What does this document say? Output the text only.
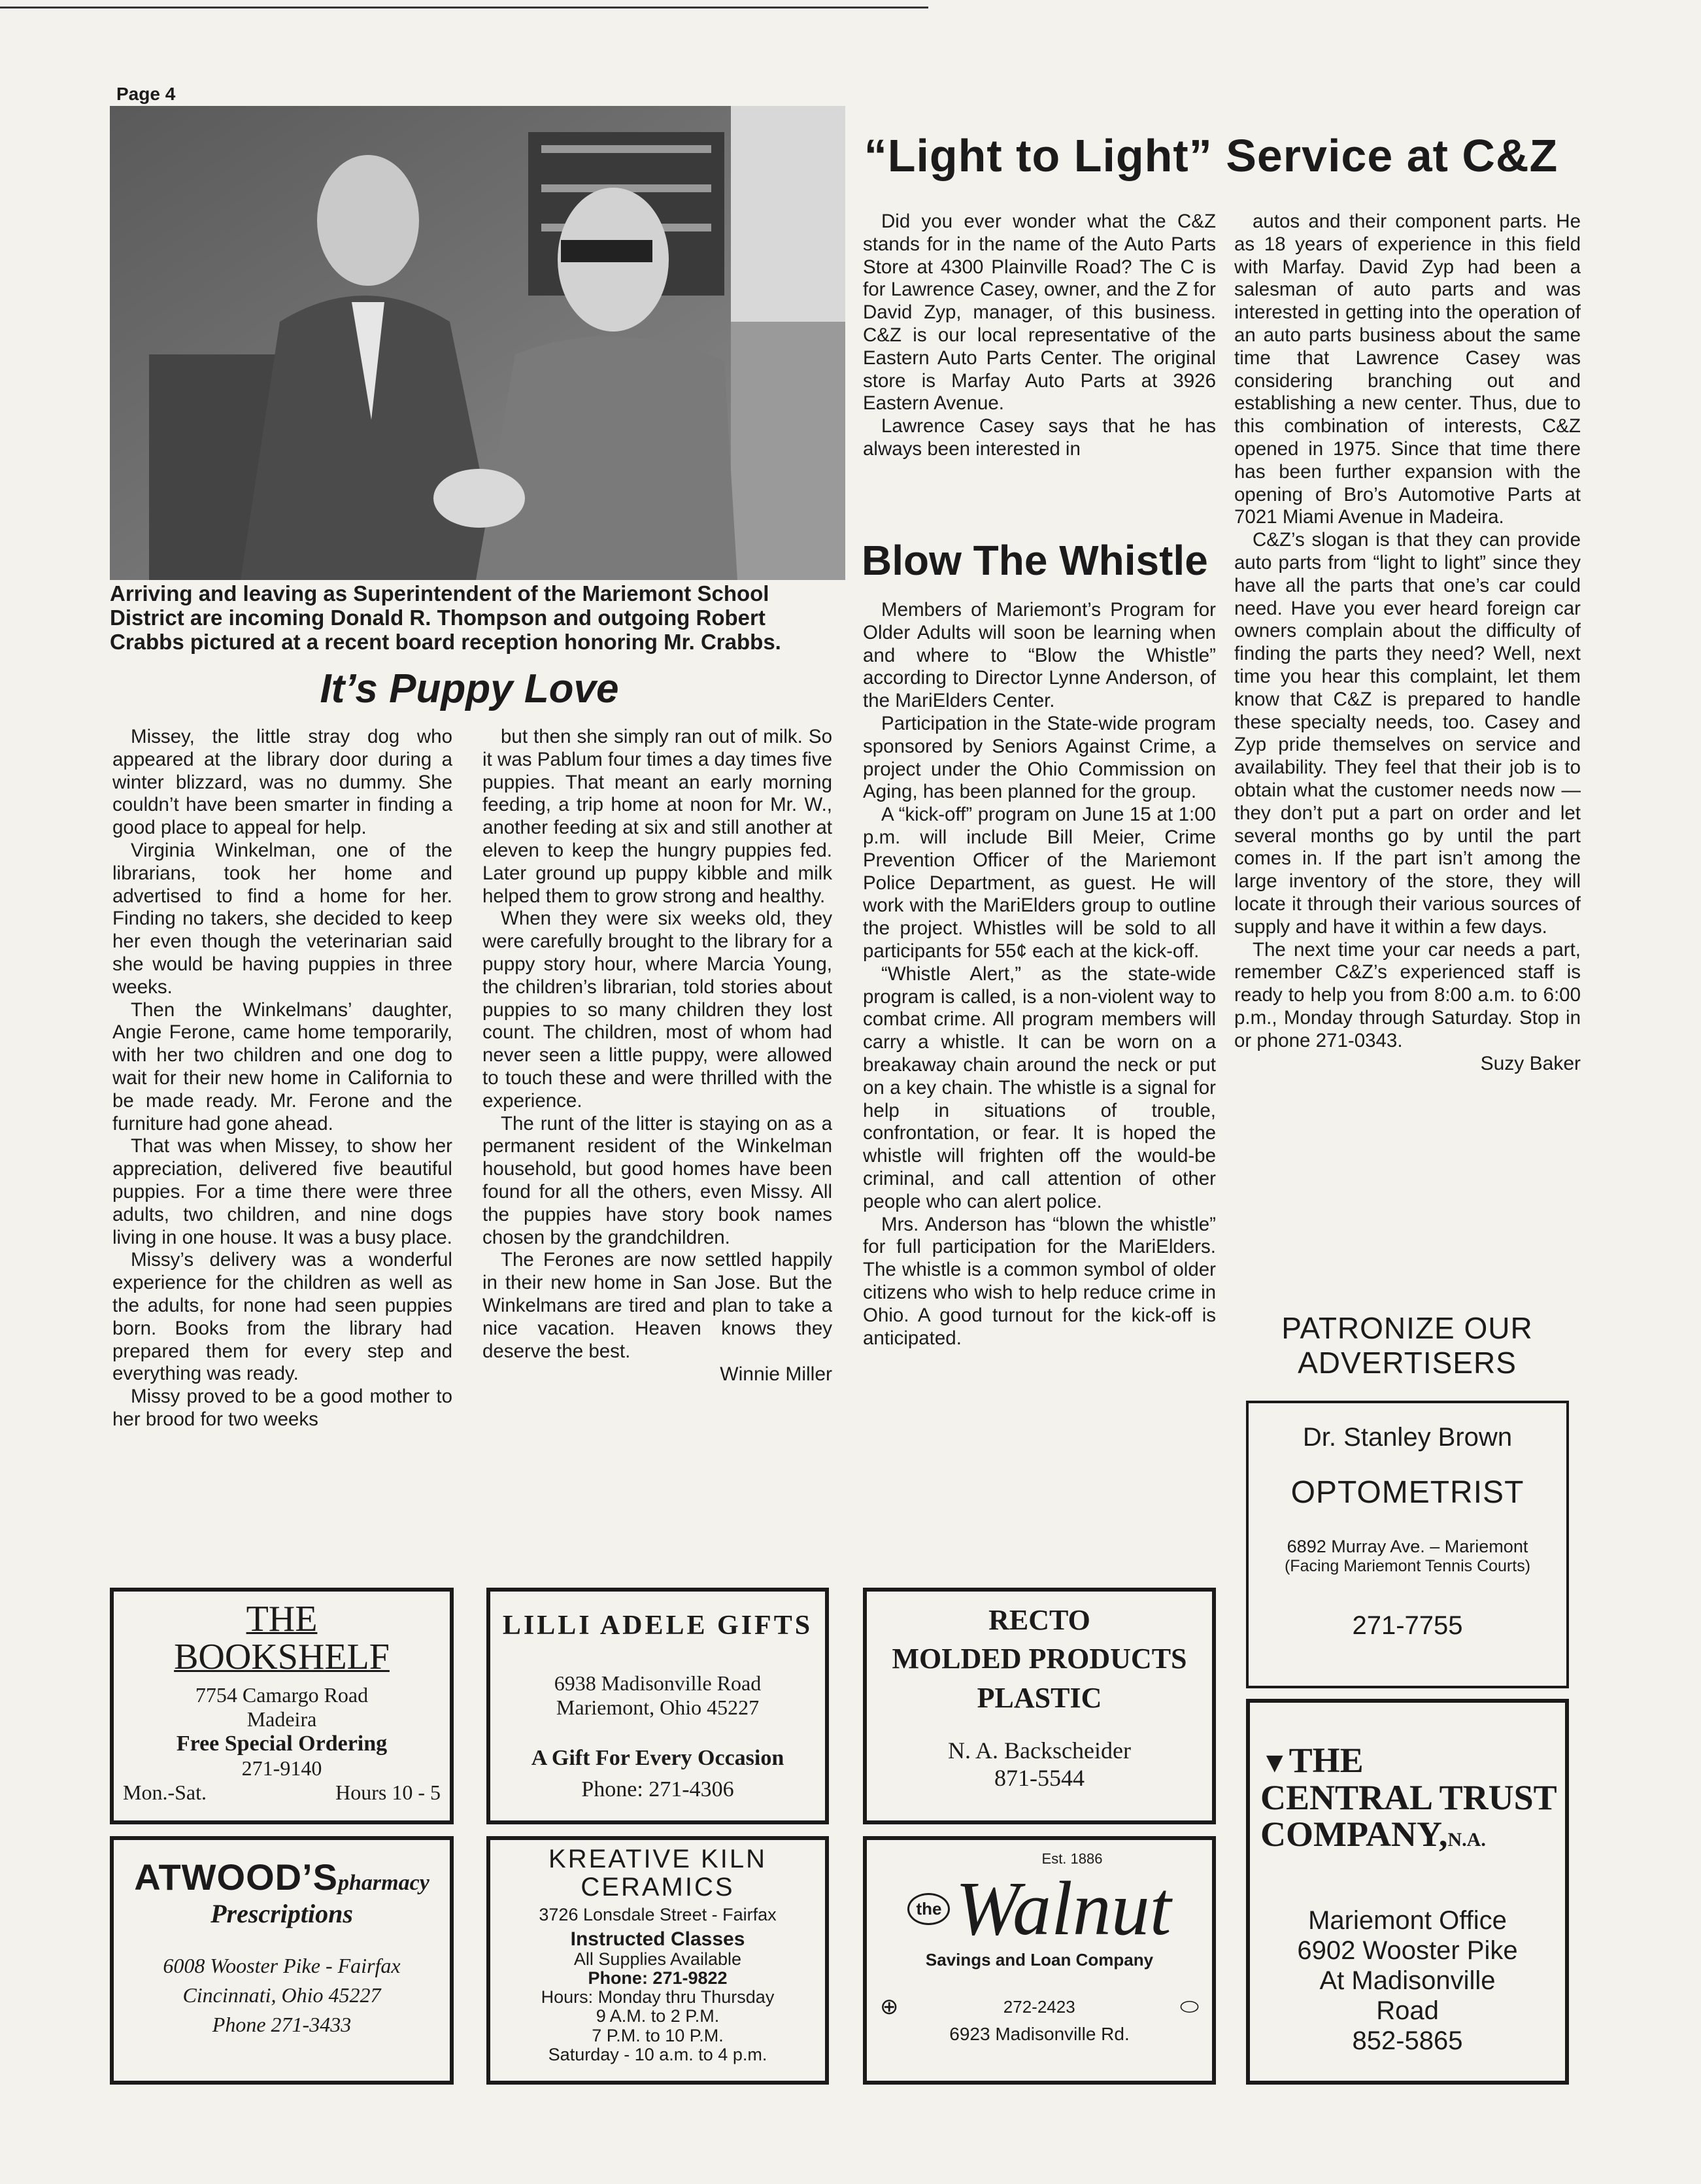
Page 4
Arriving and leaving as Superintendent of the Mariemont School District are incoming Donald R. Thompson and outgoing Robert Crabbs pictured at a recent board reception honoring Mr. Crabbs.
It’s Puppy Love

Missey, the little stray dog who appeared at the library door during a winter blizzard, was no dummy. She couldn’t have been smarter in finding a good place to appeal for help.

Virginia Winkelman, one of the librarians, took her home and advertised to find a home for her. Finding no takers, she decided to keep her even though the veterinarian said she would be having puppies in three weeks.

Then the Winkelmans’ daughter, Angie Ferone, came home temporarily, with her two children and one dog to wait for their new home in California to be made ready. Mr. Ferone and the furniture had gone ahead.

That was when Missey, to show her appreciation, delivered five beautiful puppies. For a time there were three adults, two children, and nine dogs living in one house. It was a busy place.

Missy’s delivery was a wonderful experience for the children as well as the adults, for none had seen puppies born. Books from the library had prepared them for every step and everything was ready.

Missy proved to be a good mother to her brood for two weeks

but then she simply ran out of milk. So it was Pablum four times a day times five puppies. That meant an early morning feeding, a trip home at noon for Mr. W., another feeding at six and still another at eleven to keep the hungry puppies fed. Later ground up puppy kibble and milk helped them to grow strong and healthy.

When they were six weeks old, they were carefully brought to the library for a puppy story hour, where Marcia Young, the children’s librarian, told stories about puppies to so many children they lost count. The children, most of whom had never seen a little puppy, were allowed to touch these and were thrilled with the experience.

The runt of the litter is staying on as a permanent resident of the Winkelman household, but good homes have been found for all the others, even Missy. All the puppies have story book names chosen by the grandchildren.

The Ferones are now settled happily in their new home in San Jose. But the Winkelmans are tired and plan to take a nice vacation. Heaven knows they deserve the best.

Winnie Miller
“Light to Light” Service at C&Z

Did you ever wonder what the C&Z stands for in the name of the Auto Parts Store at 4300 Plainville Road? The C is for Lawrence Casey, owner, and the Z for David Zyp, manager, of this business. C&Z is our local representative of the Eastern Auto Parts Center. The original store is Marfay Auto Parts at 3926 Eastern Avenue.

Lawrence Casey says that he has always been interested in

Blow The Whistle

Members of Mariemont’s Program for Older Adults will soon be learning when and where to “Blow the Whistle” according to Director Lynne Anderson, of the MariElders Center.

Participation in the State-wide program sponsored by Seniors Against Crime, a project under the Ohio Commission on Aging, has been planned for the group.

A “kick-off” program on June 15 at 1:00 p.m. will include Bill Meier, Crime Prevention Officer of the Mariemont Police Department, as guest. He will work with the MariElders group to outline the project. Whistles will be sold to all participants for 55¢ each at the kick-off.

“Whistle Alert,” as the state-wide program is called, is a non-violent way to combat crime. All program members will carry a whistle. It can be worn on a breakaway chain around the neck or put on a key chain. The whistle is a signal for help in situations of trouble, confrontation, or fear. It is hoped the whistle will frighten off the would-be criminal, and call attention of other people who can alert police.

Mrs. Anderson has “blown the whistle” for full participation for the MariElders. The whistle is a common symbol of older citizens who wish to help reduce crime in Ohio. A good turnout for the kick-off is anticipated.

autos and their component parts. He as 18 years of experience in this field with Marfay. David Zyp had been a salesman of auto parts and was interested in getting into the operation of an auto parts business about the same time that Lawrence Casey was considering branching out and establishing a new center. Thus, due to this combination of interests, C&Z opened in 1975. Since that time there has been further expansion with the opening of Bro’s Automotive Parts at 7021 Miami Avenue in Madeira.

C&Z’s slogan is that they can provide auto parts from “light to light” since they have all the parts that one’s car could need. Have you ever heard foreign car owners complain about the difficulty of finding the parts they need? Well, next time you hear this complaint, let them know that C&Z is prepared to handle these specialty needs, too. Casey and Zyp pride themselves on service and availability. They feel that their job is to obtain what the customer needs now — they don’t put a part on order and let several months go by until the part comes in. If the part isn’t among the large inventory of the store, they will locate it through their various sources of supply and have it within a few days.

The next time your car needs a part, remember C&Z’s experienced staff is ready to help you from 8:00 a.m. to 6:00 p.m., Monday through Saturday. Stop in or phone 271-0343.

Suzy Baker
PATRONIZE OUR
ADVERTISERS
Dr. Stanley Brown
OPTOMETRIST
6892 Murray Ave. – Mariemont
(Facing Mariemont Tennis Courts)
271-7755
THE
BOOKSHELF
7754 Camargo Road
Madeira
Free Special Ordering
271-9140
Mon.-Sat.	Hours 10 - 5
LILLI ADELE GIFTS
6938 Madisonville Road
Mariemont, Ohio 45227
A Gift For Every Occasion
Phone: 271-4306
RECTO
MOLDED PRODUCTS
PLASTIC
N. A. Backscheider
871-5544	▼THE
CENTRAL TRUST
COMPANY,N.A.
Mariemont Office
6902 Wooster Pike
At Madisonville
Road
852-5865
ATWOOD’S pharmacy
Prescriptions
6008 Wooster Pike - Fairfax
Cincinnati, Ohio 45227
Phone 271-3433
KREATIVE KILN
CERAMICS
3726 Lonsdale Street - Fairfax
Instructed Classes
All Supplies Available
Phone: 271-9822
Hours: Monday thru Thursday
9 A.M. to 2 P.M.
7 P.M. to 10 P.M.
Saturday - 10 a.m. to 4 p.m.
Est. 1886
the Walnut
Savings and Loan Company
⊕	272-2423	⬭
6923 Madisonville Rd.
